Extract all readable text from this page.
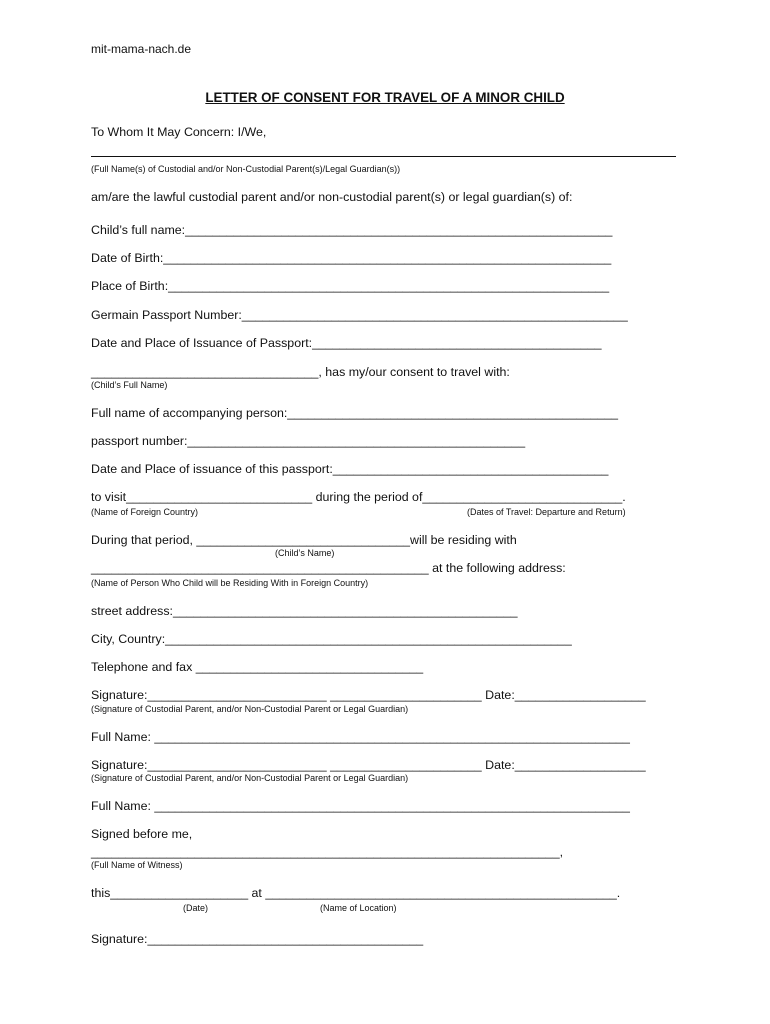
mit-mama-nach.de
LETTER OF CONSENT FOR TRAVEL OF A MINOR CHILD
To Whom It May Concern: I/We,
(Full Name(s) of Custodial and/or Non-Custodial Parent(s)/Legal Guardian(s))
am/are the lawful custodial parent and/or non-custodial parent(s) or legal guardian(s) of:
Child’s full name:______________________________________________________________
Date of Birth:_________________________________________________________________
Place of Birth:________________________________________________________________
Germain Passport Number:________________________________________________________
Date and Place of Issuance of Passport:__________________________________________
_________________________________, has my/our consent to travel with:
(Child’s Full Name)
Full name of accompanying person:________________________________________________
passport number:_________________________________________________
Date and Place of issuance of this passport:________________________________________
to visit___________________________ during the period of_____________________________.
(Name of Foreign Country)	(Dates of Travel: Departure and Return)
During that period, _______________________________will be residing with
(Child’s Name)
_________________________________________________ at the following address:
(Name of Person Who Child will be Residing With in Foreign Country)
street address:__________________________________________________
City, Country:___________________________________________________________
Telephone and fax _________________________________
Signature:__________________________ ______________________ Date:___________________
(Signature of Custodial Parent, and/or Non-Custodial Parent or Legal Guardian)
Full Name: _____________________________________________________________________
Signature:__________________________ ______________________ Date:___________________
(Signature of Custodial Parent, and/or Non-Custodial Parent or Legal Guardian)
Full Name: _____________________________________________________________________
Signed before me,
____________________________________________________________________,
(Full Name of Witness)
this____________________ at ___________________________________________________.
(Date)	(Name of Location)
Signature:________________________________________
